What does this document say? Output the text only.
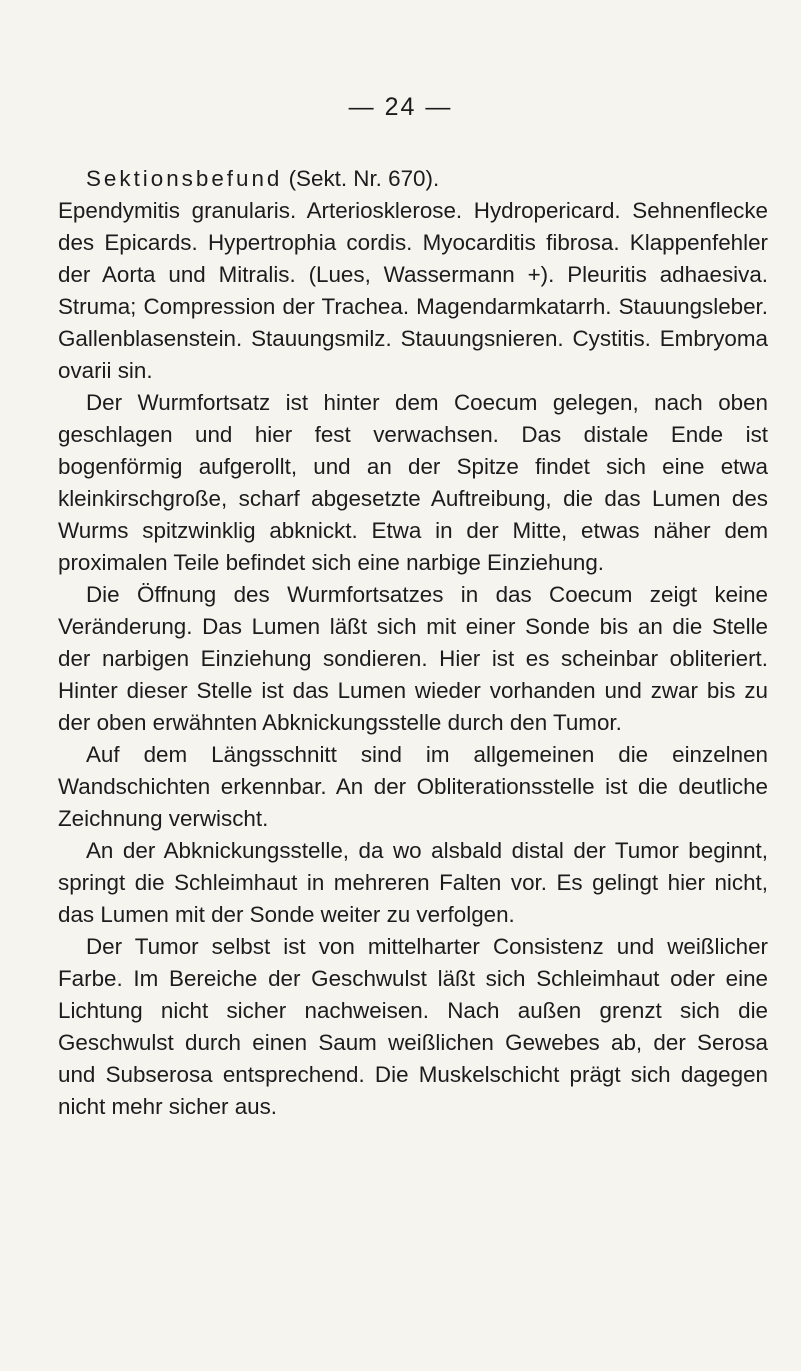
— 24 —

Sektionsbefund (Sekt. Nr. 670).
Ependymitis granularis. Arteriosklerose. Hydropericard. Sehnenflecke des Epicards. Hypertrophia cordis. Myocarditis fibrosa. Klappenfehler der Aorta und Mitralis. (Lues, Wassermann +). Pleuritis adhaesiva. Struma; Compression der Trachea. Magendarmkatarrh. Stauungsleber. Gallenblasenstein. Stauungsmilz. Stauungsnieren. Cystitis. Embryoma ovarii sin.

Der Wurmfortsatz ist hinter dem Coecum gelegen, nach oben geschlagen und hier fest verwachsen. Das distale Ende ist bogenförmig aufgerollt, und an der Spitze findet sich eine etwa kleinkirschgroße, scharf abgesetzte Auftreibung, die das Lumen des Wurms spitzwinklig abknickt. Etwa in der Mitte, etwas näher dem proximalen Teile befindet sich eine narbige Einziehung.

Die Öffnung des Wurmfortsatzes in das Coecum zeigt keine Veränderung. Das Lumen läßt sich mit einer Sonde bis an die Stelle der narbigen Einziehung sondieren. Hier ist es scheinbar obliteriert. Hinter dieser Stelle ist das Lumen wieder vorhanden und zwar bis zu der oben erwähnten Abknickungsstelle durch den Tumor.

Auf dem Längsschnitt sind im allgemeinen die einzelnen Wandschichten erkennbar. An der Obliterationsstelle ist die deutliche Zeichnung verwischt.

An der Abknickungsstelle, da wo alsbald distal der Tumor beginnt, springt die Schleimhaut in mehreren Falten vor. Es gelingt hier nicht, das Lumen mit der Sonde weiter zu verfolgen.

Der Tumor selbst ist von mittelharter Consistenz und weißlicher Farbe. Im Bereiche der Geschwulst läßt sich Schleimhaut oder eine Lichtung nicht sicher nachweisen. Nach außen grenzt sich die Geschwulst durch einen Saum weißlichen Gewebes ab, der Serosa und Subserosa entsprechend. Die Muskelschicht prägt sich dagegen nicht mehr sicher aus.
